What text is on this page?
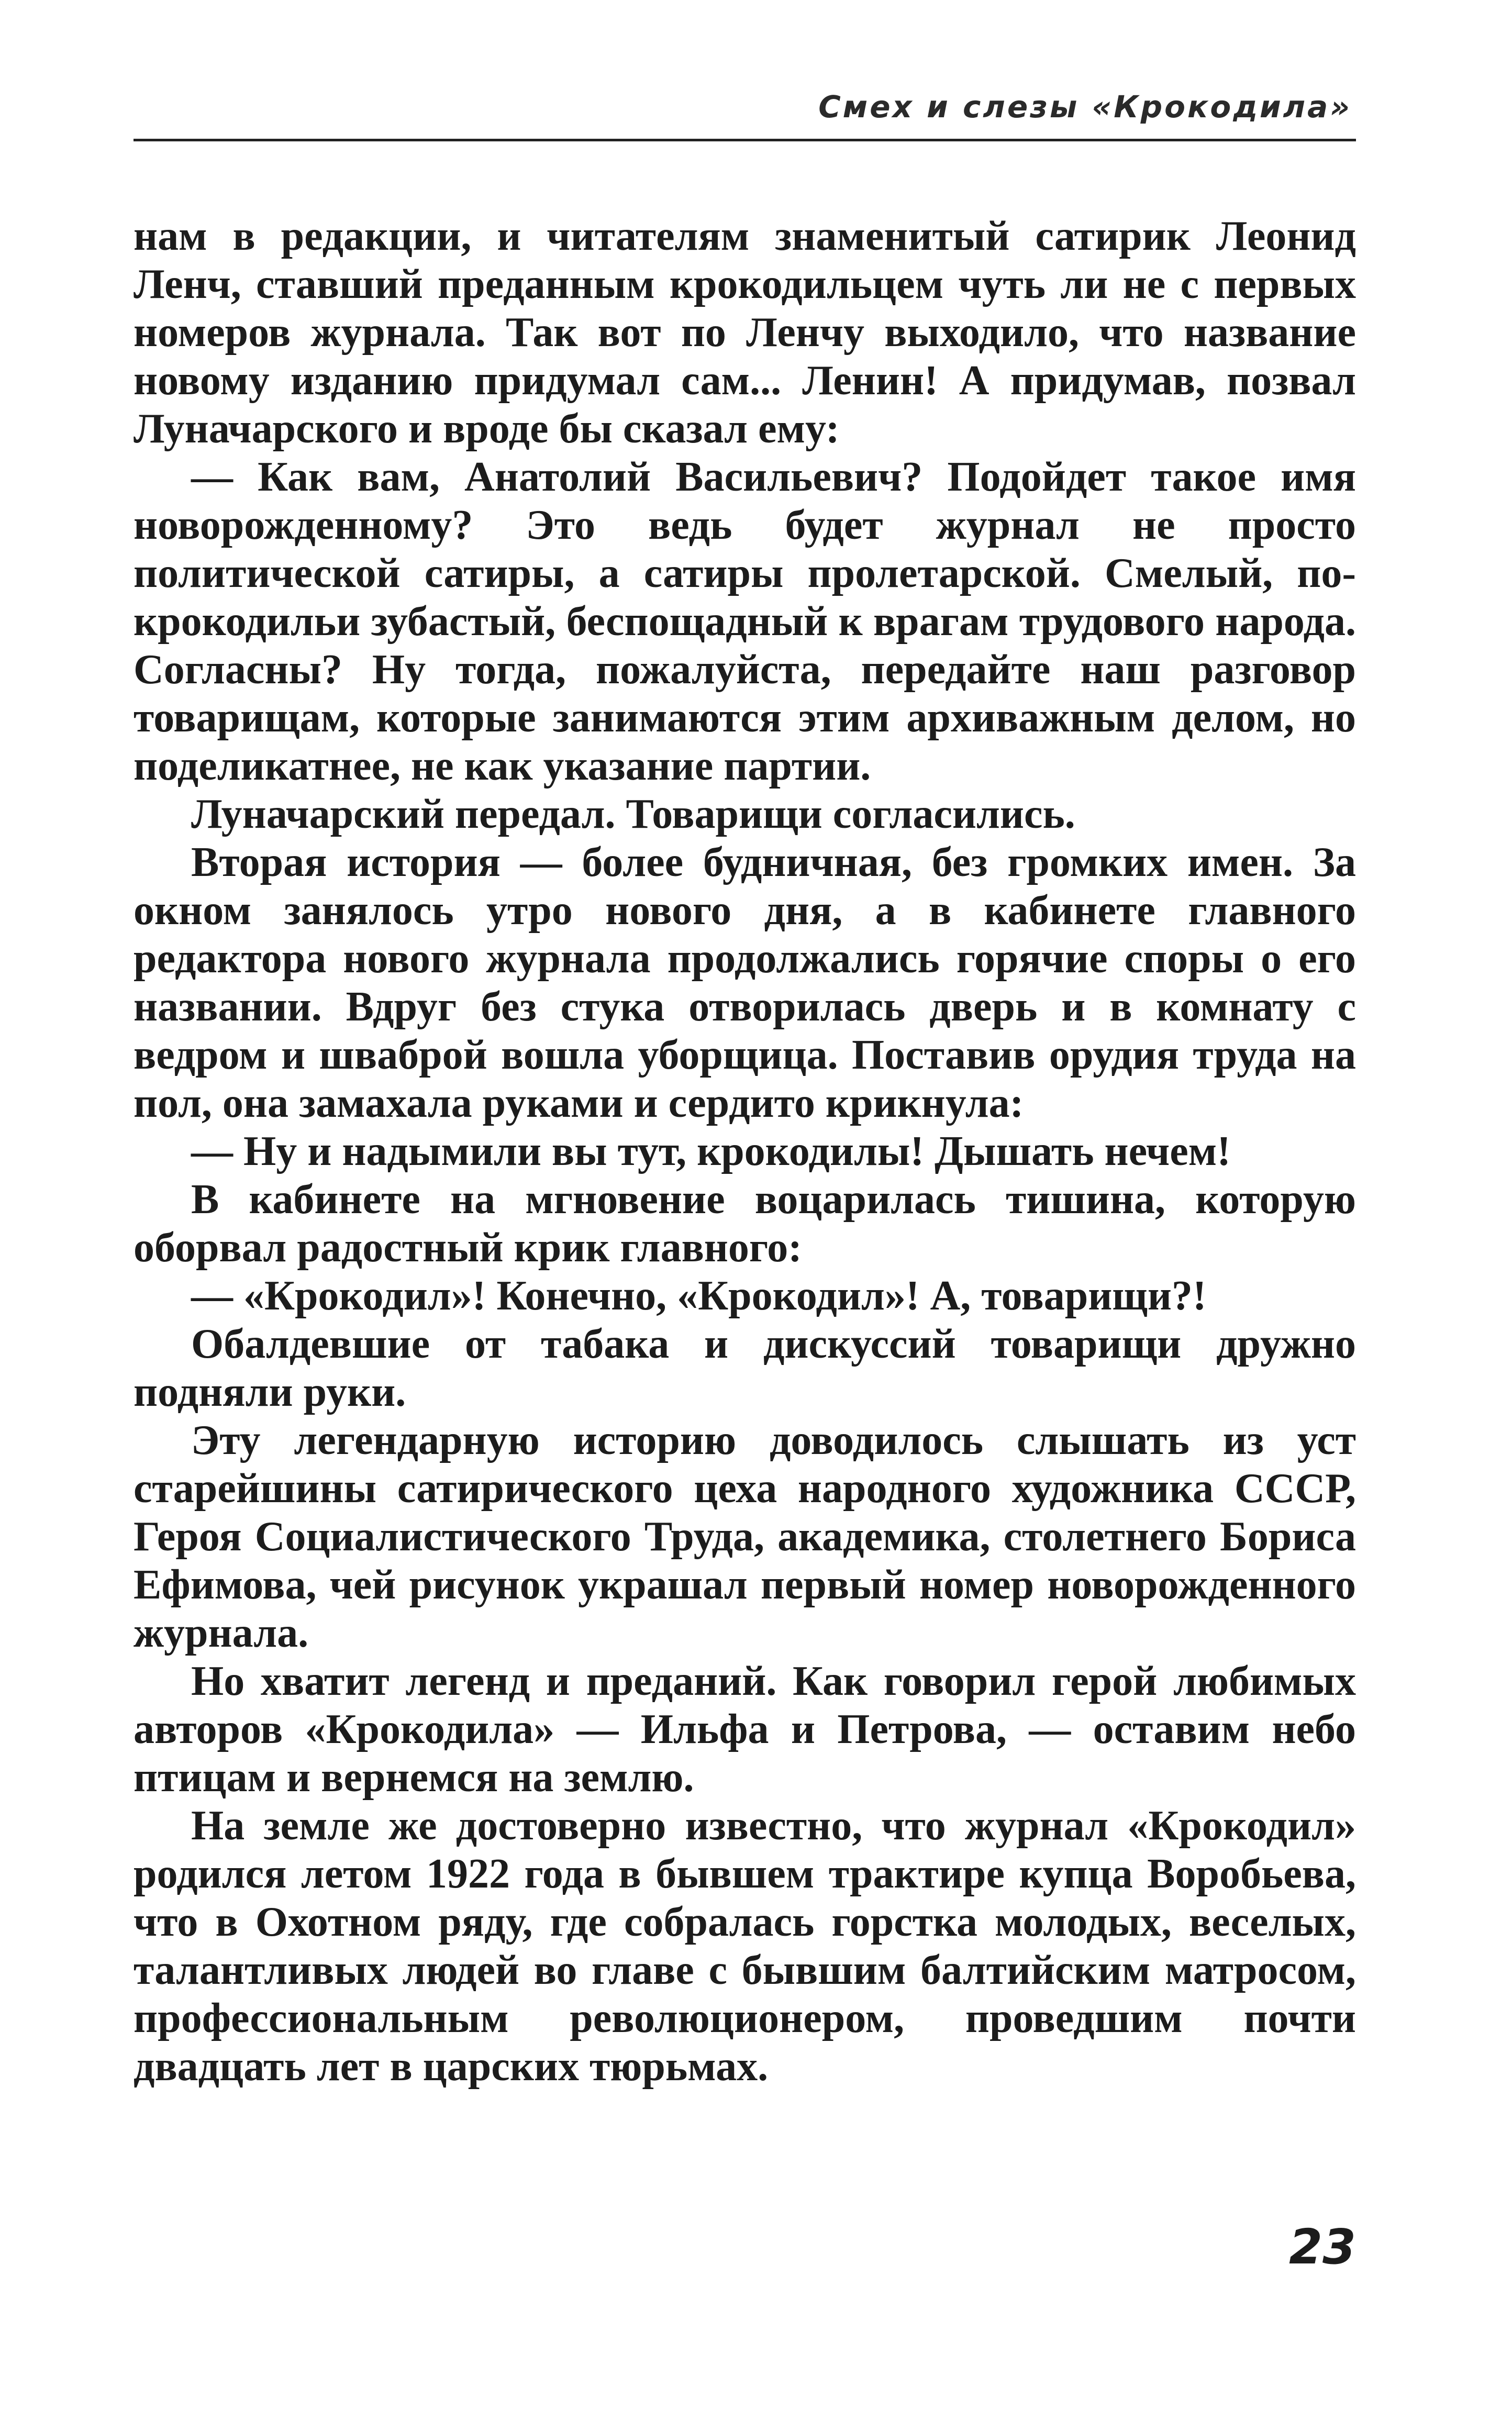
Смех и слезы «Крокодила»

нам в редакции, и читателям знаменитый сатирик Леонид Ленч, ставший преданным крокодильцем чуть ли не с первых номеров журнала. Так вот по Ленчу выходило, что название новому изданию придумал сам... Ленин! А придумав, позвал Луначарского и вроде бы сказал ему:

— Как вам, Анатолий Васильевич? Подойдет такое имя новорожденному? Это ведь будет журнал не просто политической сатиры, а сатиры пролетарской. Смелый, по-крокодильи зубастый, беспощадный к врагам трудового народа. Согласны? Ну тогда, пожалуйста, передайте наш разговор товарищам, которые занимаются этим архиважным делом, но поделикатнее, не как указание партии.

Луначарский передал. Товарищи согласились.

Вторая история — более будничная, без громких имен. За окном занялось утро нового дня, а в кабинете главного редактора нового журнала продолжались горячие споры о его названии. Вдруг без стука отворилась дверь и в комнату с ведром и шваброй вошла уборщица. Поставив орудия труда на пол, она замахала руками и сердито крикнула:

— Ну и надымили вы тут, крокодилы! Дышать нечем!

В кабинете на мгновение воцарилась тишина, которую оборвал радостный крик главного:

— «Крокодил»! Конечно, «Крокодил»! А, товарищи?!

Обалдевшие от табака и дискуссий товарищи дружно подняли руки.

Эту легендарную историю доводилось слышать из уст старейшины сатирического цеха народного художника СССР, Героя Социалистического Труда, академика, столетнего Бориса Ефимова, чей рисунок украшал первый номер новорожденного журнала.

Но хватит легенд и преданий. Как говорил герой любимых авторов «Крокодила» — Ильфа и Петрова, — оставим небо птицам и вернемся на землю.

На земле же достоверно известно, что журнал «Крокодил» родился летом 1922 года в бывшем трактире купца Воробьева, что в Охотном ряду, где собралась горстка молодых, веселых, талантливых людей во главе с бывшим балтийским матросом, профессиональным революционером, проведшим почти двадцать лет в царских тюрьмах.

23
